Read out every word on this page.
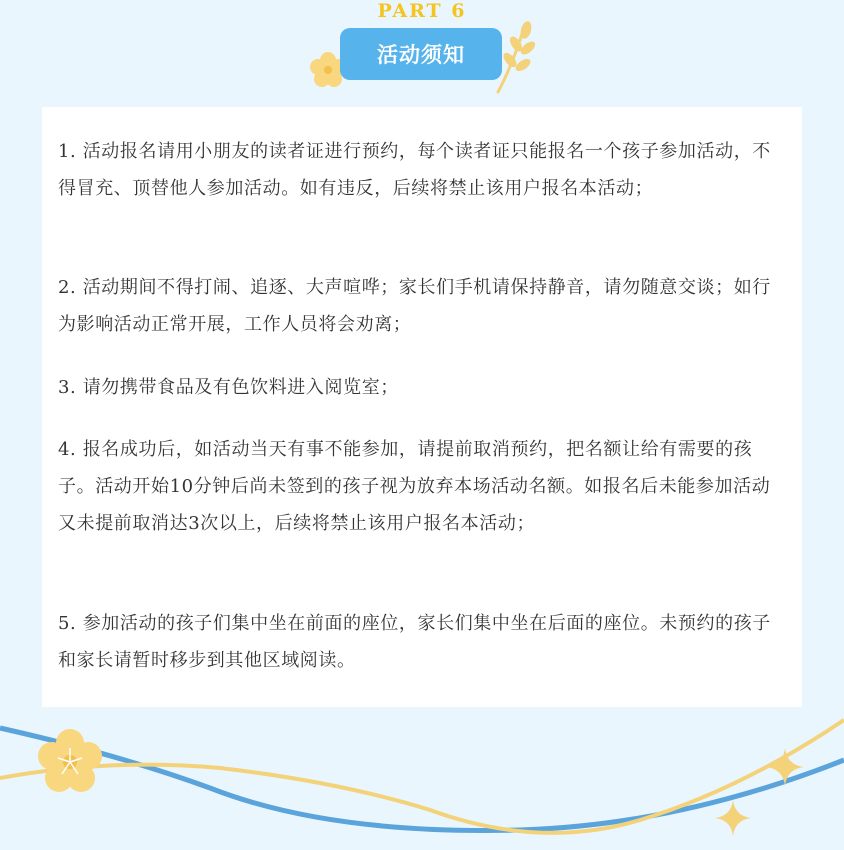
PART 6
活动须知

1. 活动报名请用小朋友的读者证进行预约，每个读者证只能报名一个孩子参加活动，不得冒充、顶替他人参加活动。如有违反，后续将禁止该用户报名本活动；

2. 活动期间不得打闹、追逐、大声喧哗；家长们手机请保持静音，请勿随意交谈；如行为影响活动正常开展，工作人员将会劝离；

3. 请勿携带食品及有色饮料进入阅览室；

4. 报名成功后，如活动当天有事不能参加，请提前取消预约，把名额让给有需要的孩子。活动开始10分钟后尚未签到的孩子视为放弃本场活动名额。如报名后未能参加活动又未提前取消达3次以上，后续将禁止该用户报名本活动；

5. 参加活动的孩子们集中坐在前面的座位，家长们集中坐在后面的座位。未预约的孩子和家长请暂时移步到其他区域阅读。
